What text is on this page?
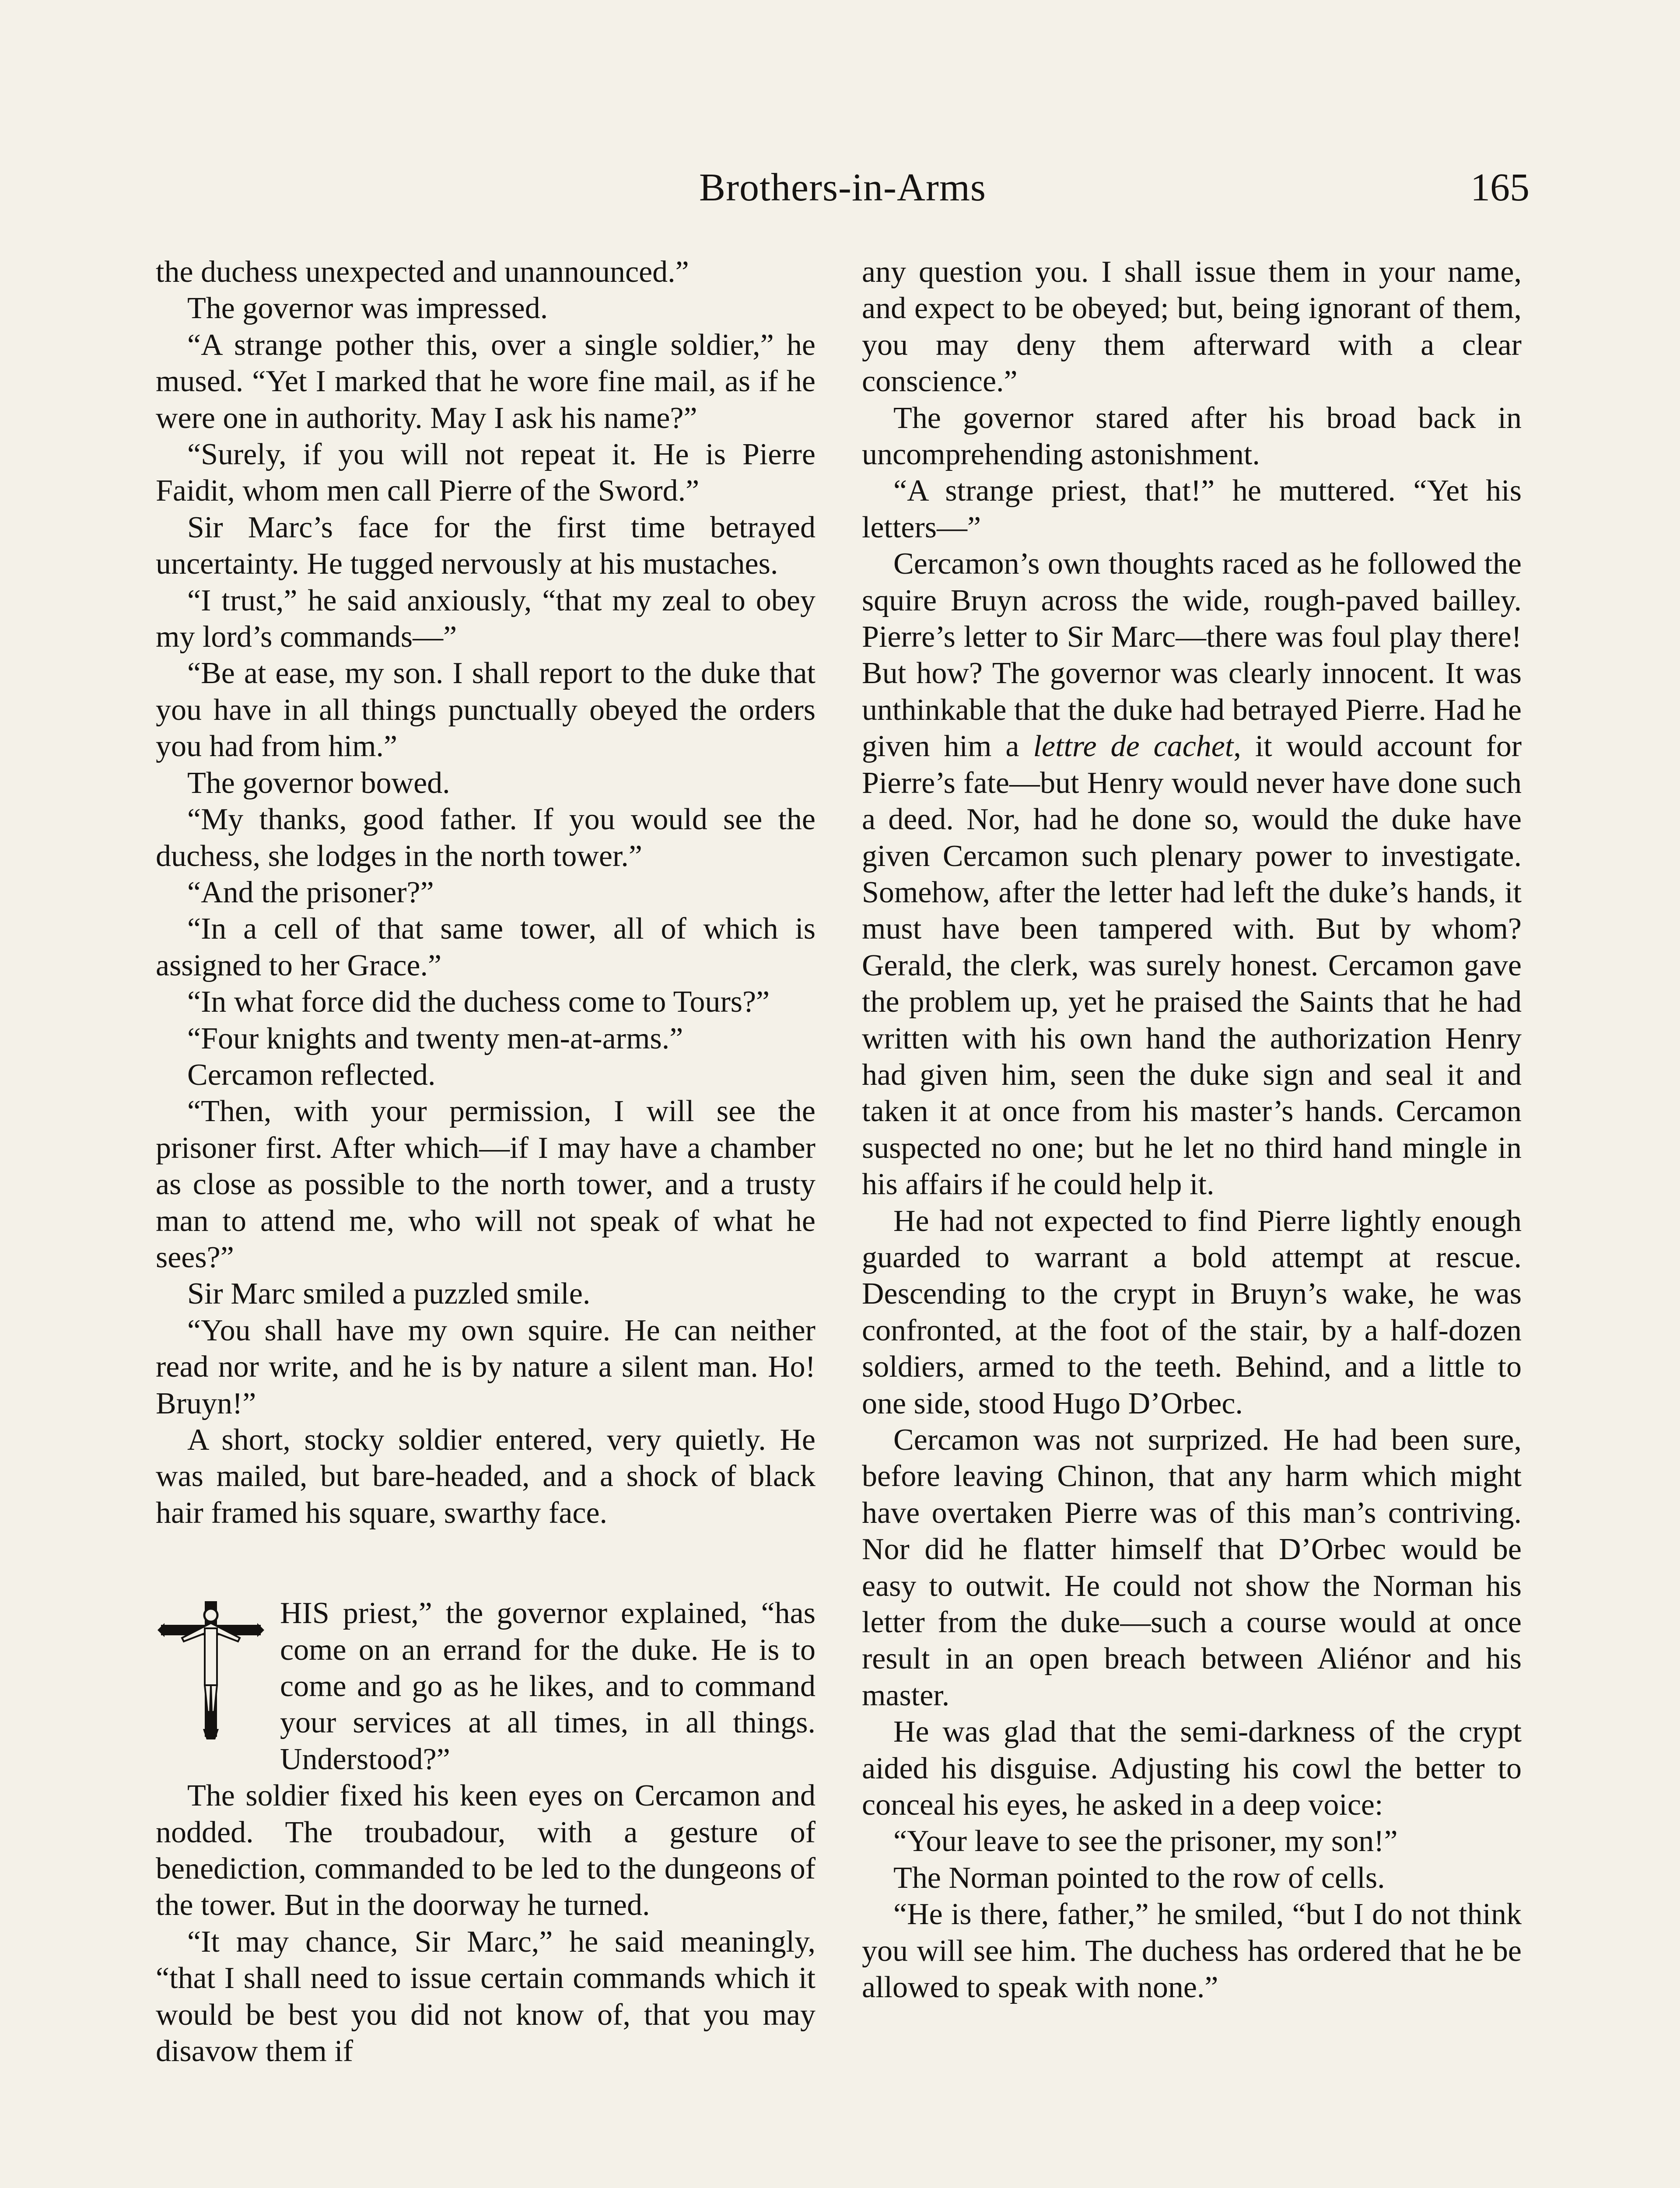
Brothers-in-Arms	165

the duchess unexpected and unannounced.”

The governor was impressed.

“A strange pother this, over a single soldier,” he mused. “Yet I marked that he wore fine mail, as if he were one in authority. May I ask his name?”

“Surely, if you will not repeat it. He is Pierre Faidit, whom men call Pierre of the Sword.”

Sir Marc’s face for the first time betrayed uncertainty. He tugged nervously at his mustaches.

“I trust,” he said anxiously, “that my zeal to obey my lord’s commands—”

“Be at ease, my son. I shall report to the duke that you have in all things punctually obeyed the orders you had from him.”

The governor bowed.

“My thanks, good father. If you would see the duchess, she lodges in the north tower.”

“And the prisoner?”

“In a cell of that same tower, all of which is assigned to her Grace.”

“In what force did the duchess come to Tours?”

“Four knights and twenty men-at-arms.”

Cercamon reflected.

“Then, with your permission, I will see the prisoner first. After which—if I may have a chamber as close as possible to the north tower, and a trusty man to attend me, who will not speak of what he sees?”

Sir Marc smiled a puzzled smile.

“You shall have my own squire. He can neither read nor write, and he is by nature a silent man. Ho! Bruyn!”

A short, stocky soldier entered, very quietly. He was mailed, but bare-headed, and a shock of black hair framed his square, swarthy face.

HIS priest,” the governor explained, “has come on an errand for the duke. He is to come and go as he likes, and to command your services at all times, in all things. Understood?”

The soldier fixed his keen eyes on Cercamon and nodded. The troubadour, with a gesture of benediction, commanded to be led to the dungeons of the tower. But in the doorway he turned.

“It may chance, Sir Marc,” he said meaningly, “that I shall need to issue certain commands which it would be best you did not know of, that you may disavow them if

any question you. I shall issue them in your name, and expect to be obeyed; but, being ignorant of them, you may deny them afterward with a clear conscience.”

The governor stared after his broad back in uncomprehending astonishment.

“A strange priest, that!” he muttered. “Yet his letters—”

Cercamon’s own thoughts raced as he followed the squire Bruyn across the wide, rough-paved bailley. Pierre’s letter to Sir Marc—there was foul play there! But how? The governor was clearly innocent. It was unthinkable that the duke had betrayed Pierre. Had he given him a lettre de cachet, it would account for Pierre’s fate—but Henry would never have done such a deed. Nor, had he done so, would the duke have given Cercamon such plenary power to investigate. Somehow, after the letter had left the duke’s hands, it must have been tampered with. But by whom? Gerald, the clerk, was surely honest. Cercamon gave the problem up, yet he praised the Saints that he had written with his own hand the authorization Henry had given him, seen the duke sign and seal it and taken it at once from his master’s hands. Cercamon suspected no one; but he let no third hand mingle in his affairs if he could help it.

He had not expected to find Pierre lightly enough guarded to warrant a bold attempt at rescue. Descending to the crypt in Bruyn’s wake, he was confronted, at the foot of the stair, by a half-dozen soldiers, armed to the teeth. Behind, and a little to one side, stood Hugo D’Orbec.

Cercamon was not surprized. He had been sure, before leaving Chinon, that any harm which might have overtaken Pierre was of this man’s contriving. Nor did he flatter himself that D’Orbec would be easy to outwit. He could not show the Norman his letter from the duke—such a course would at once result in an open breach between Aliénor and his master.

He was glad that the semi-darkness of the crypt aided his disguise. Adjusting his cowl the better to conceal his eyes, he asked in a deep voice:

“Your leave to see the prisoner, my son!”

The Norman pointed to the row of cells.

“He is there, father,” he smiled, “but I do not think you will see him. The duchess has ordered that he be allowed to speak with none.”
